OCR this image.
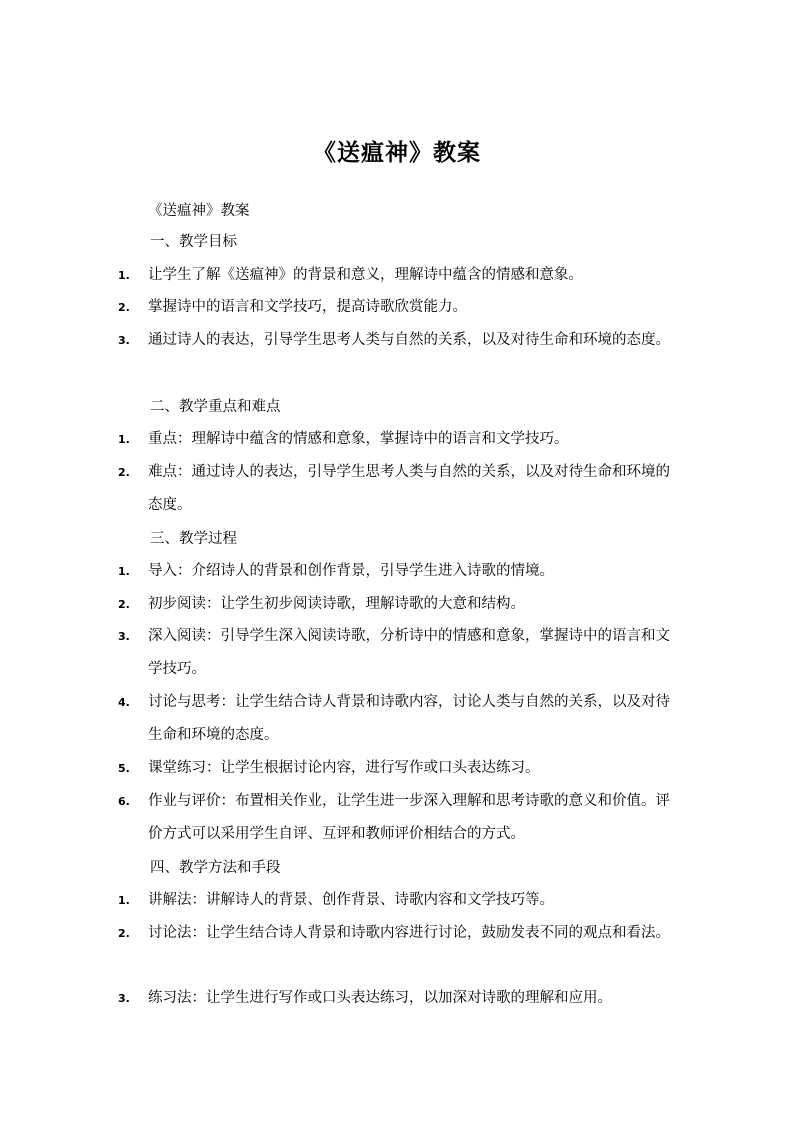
《送瘟神》教案
《送瘟神》教案
一、教学目标
1.	让学生了解《送瘟神》的背景和意义，理解诗中蕴含的情感和意象。
2.	掌握诗中的语言和文学技巧，提高诗歌欣赏能力。
3.	通过诗人的表达，引导学生思考人类与自然的关系，以及对待生命和环境的态度。
二、教学重点和难点
1.	重点：理解诗中蕴含的情感和意象，掌握诗中的语言和文学技巧。
2.	难点：通过诗人的表达，引导学生思考人类与自然的关系，以及对待生命和环境的态度。
三、教学过程
1.	导入：介绍诗人的背景和创作背景，引导学生进入诗歌的情境。
2.	初步阅读：让学生初步阅读诗歌，理解诗歌的大意和结构。
3.	深入阅读：引导学生深入阅读诗歌，分析诗中的情感和意象，掌握诗中的语言和文学技巧。
4.	讨论与思考：让学生结合诗人背景和诗歌内容，讨论人类与自然的关系，以及对待生命和环境的态度。
5.	课堂练习：让学生根据讨论内容，进行写作或口头表达练习。
6.	作业与评价：布置相关作业，让学生进一步深入理解和思考诗歌的意义和价值。评价方式可以采用学生自评、互评和教师评价相结合的方式。
四、教学方法和手段
1.	讲解法：讲解诗人的背景、创作背景、诗歌内容和文学技巧等。
2.	讨论法：让学生结合诗人背景和诗歌内容进行讨论，鼓励发表不同的观点和看法。
3.	练习法：让学生进行写作或口头表达练习，以加深对诗歌的理解和应用。
